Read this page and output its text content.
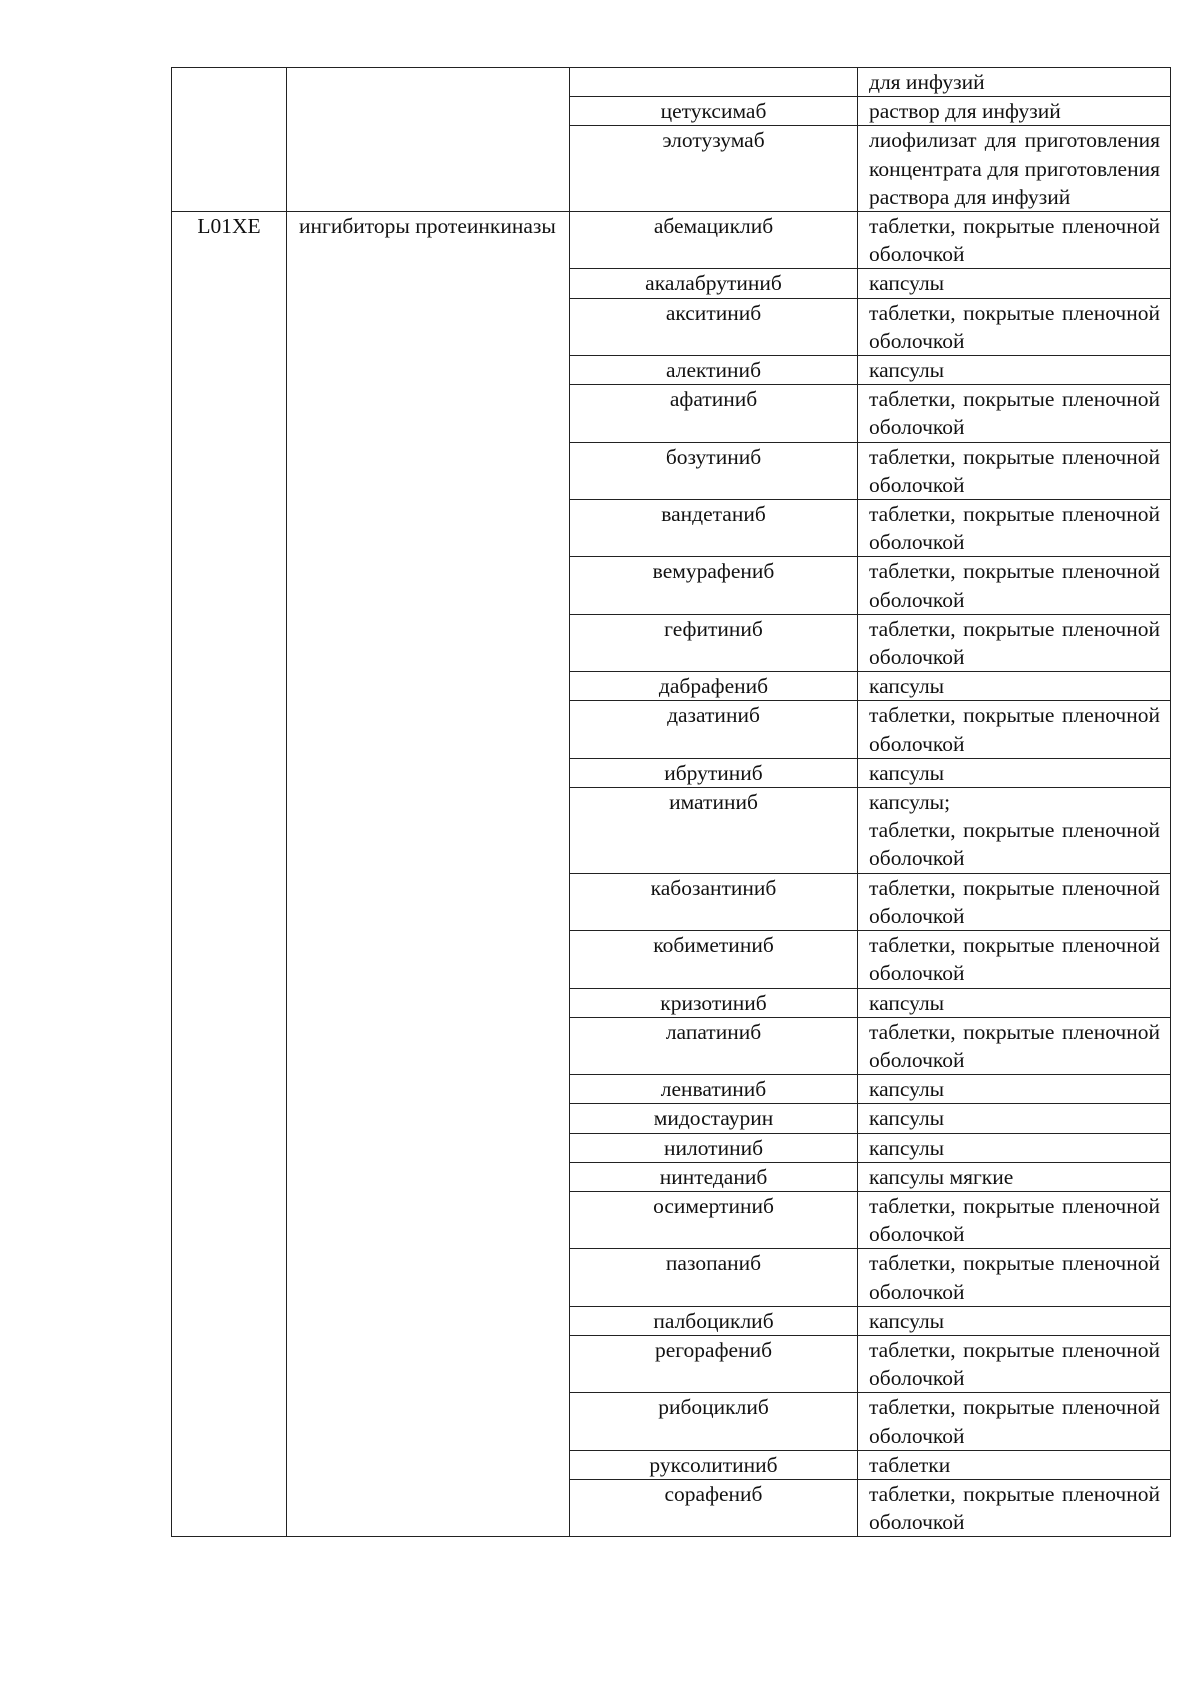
			для инфузий

		цетуксимаб	раствор для инфузий

		элотузумаб	лиофилизат для приготовления концентрата для приготовления раствора для инфузий

L01XE	ингибиторы протеинкиназы	абемациклиб	таблетки, покрытые пленочной оболочкой

		акалабрутиниб	капсулы

		акситиниб	таблетки, покрытые пленочной оболочкой

		алектиниб	капсулы

		афатиниб	таблетки, покрытые пленочной оболочкой

		бозутиниб	таблетки, покрытые пленочной оболочкой

		вандетаниб	таблетки, покрытые пленочной оболочкой

		вемурафениб	таблетки, покрытые пленочной оболочкой

		гефитиниб	таблетки, покрытые пленочной оболочкой

		дабрафениб	капсулы

		дазатиниб	таблетки, покрытые пленочной оболочкой

		ибрутиниб	капсулы

		иматиниб	капсулы;
таблетки, покрытые пленочной оболочкой

		кабозантиниб	таблетки, покрытые пленочной оболочкой

		кобиметиниб	таблетки, покрытые пленочной оболочкой

		кризотиниб	капсулы

		лапатиниб	таблетки, покрытые пленочной оболочкой

		ленватиниб	капсулы

		мидостаурин	капсулы

		нилотиниб	капсулы

		нинтеданиб	капсулы мягкие

		осимертиниб	таблетки, покрытые пленочной оболочкой

		пазопаниб	таблетки, покрытые пленочной оболочкой

		палбоциклиб	капсулы

		регорафениб	таблетки, покрытые пленочной оболочкой

		рибоциклиб	таблетки, покрытые пленочной оболочкой

		руксолитиниб	таблетки

		сорафениб	таблетки, покрытые пленочной оболочкой
